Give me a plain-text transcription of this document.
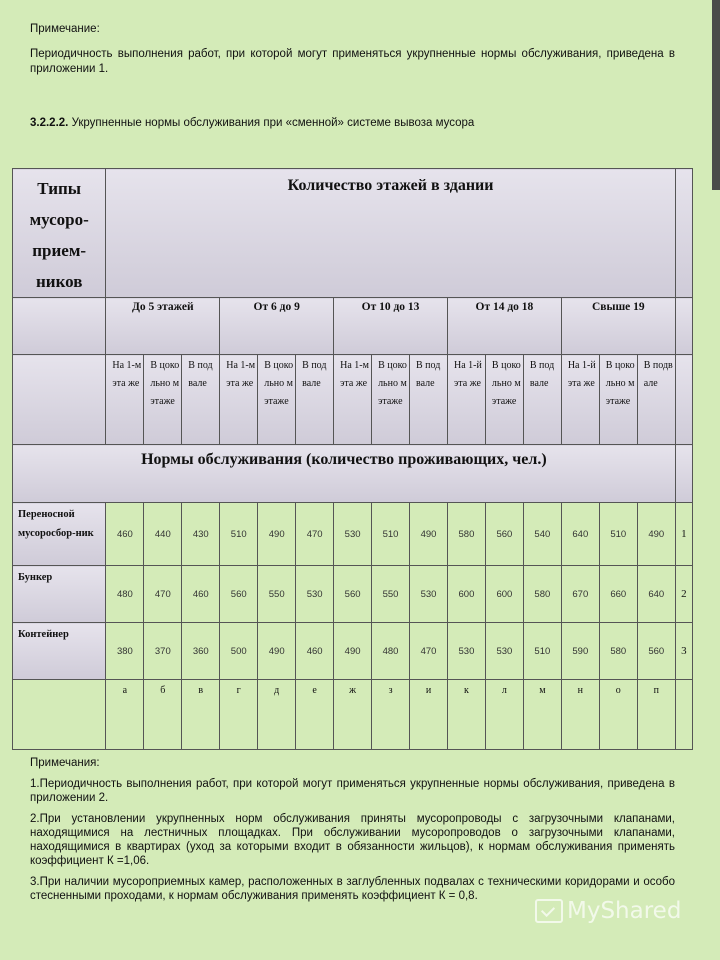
Примечание:

Периодичность выполнения работ, при которой могут применяться укрупненные нормы обслуживания, приведена в приложении 1.

3.2.2.2. Укрупненные нормы обслуживания при «сменной» системе вывоза мусора
Типы мусоро-прием-ников	Количество этажей в здании															
	До 5 этажей			От 6 до 9			От 10 до 13			От 14 до 18			Свыше 19			
	На 1-м эта же	В цоко льно м этаже	В под вале	На 1-м эта же	В цоко льно м этаже	В под вале	На 1-м эта же	В цоко льно м этаже	В под вале	На 1-й эта же	В цоко льно м этаже	В под вале	На 1-й эта же	В цоко льно м этаже	В подв але	
Нормы обслуживания (количество проживающих, чел.)																
Переносной мусоросбор-ник	460	440	430	510	490	470	530	510	490	580	560	540	640	510	490	1
Бункер	480	470	460	560	550	530	560	550	530	600	600	580	670	660	640	2
Контейнер	380	370	360	500	490	460	490	480	470	530	530	510	590	580	560	3
	а	б	в	г	д	е	ж	з	и	к	л	м	н	о	п	

Примечания:

1.Периодичность выполнения работ, при которой могут применяться укрупненные нормы обслуживания, приведена в приложении 2.

2.При установлении укрупненных норм обслуживания приняты мусоропроводы с загрузочными клапанами, находящимися на лестничных площадках. При обслуживании мусоропроводов о загрузочными клапанами, находящимися в квартирах (уход за которыми входит в обязанности жильцов), к нормам обслуживания применять коэффициент К =1,06.

3.При наличии мусороприемных камер, расположенных в заглубленных подвалах с техническими коридорами и особо стесненными проходами, к нормам обслуживания применять коэффициент К = 0,8.

MyShared
